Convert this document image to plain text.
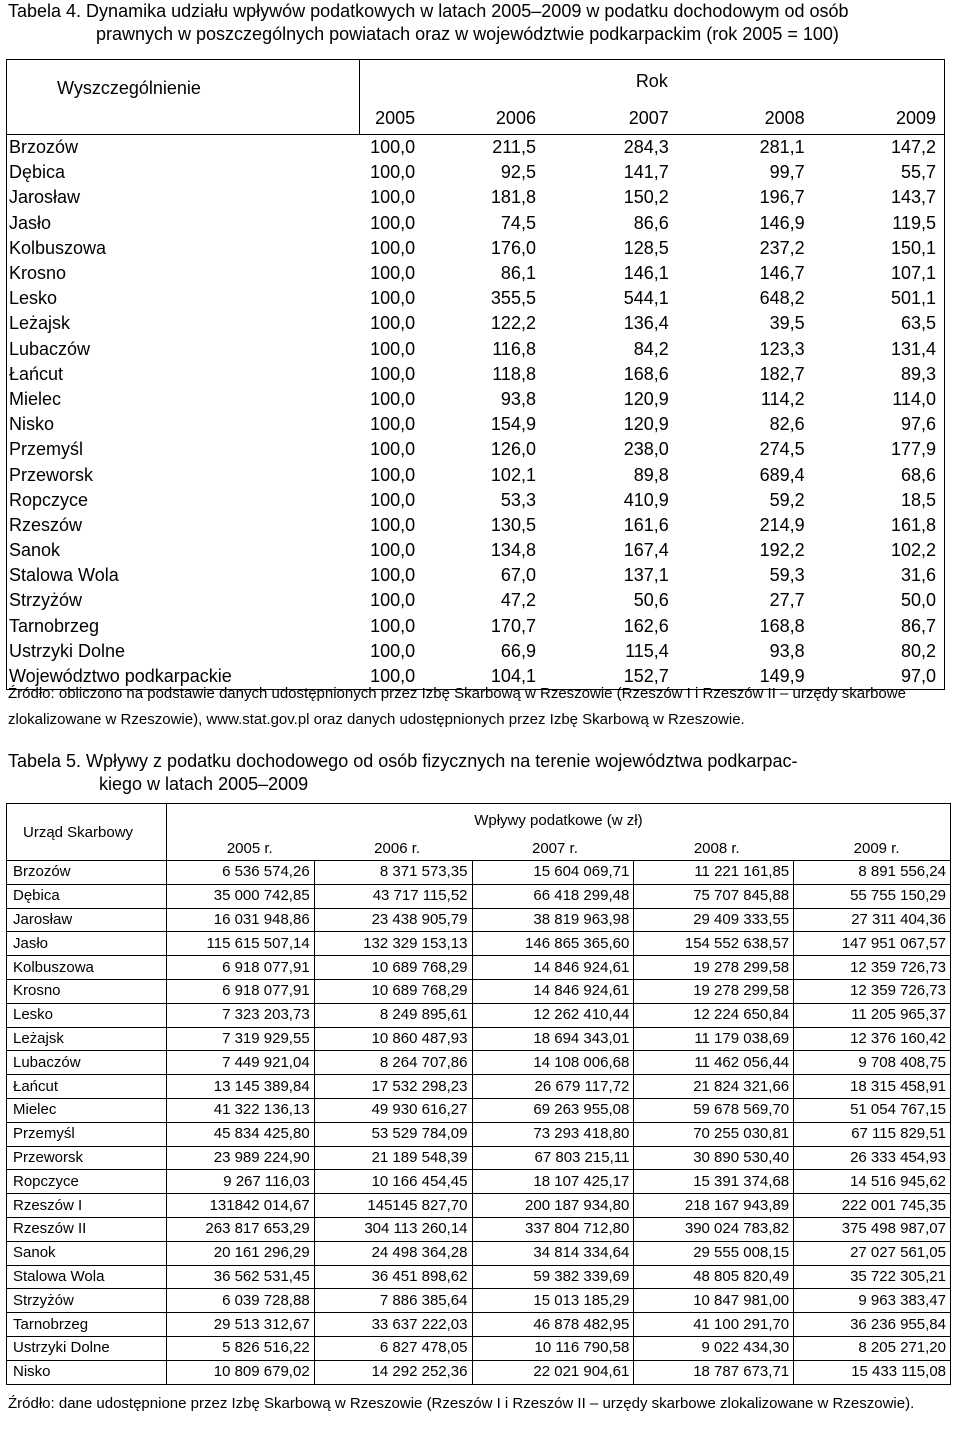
Tabela 4. Dynamika udziału wpływów podatkowych w latach 2005–2009 w podatku dochodowym od osób
prawnych w poszczególnych powiatach oraz w województwie podkarpackim (rok 2005 = 100)
Wyszczególnienie	Rok				
	2005	2006	2007	2008	2009
Brzozów	100,0	211,5	284,3	281,1	147,2
Dębica	100,0	92,5	141,7	99,7	55,7
Jarosław	100,0	181,8	150,2	196,7	143,7
Jasło	100,0	74,5	86,6	146,9	119,5
Kolbuszowa	100,0	176,0	128,5	237,2	150,1
Krosno	100,0	86,1	146,1	146,7	107,1
Lesko	100,0	355,5	544,1	648,2	501,1
Leżajsk	100,0	122,2	136,4	39,5	63,5
Lubaczów	100,0	116,8	84,2	123,3	131,4
Łańcut	100,0	118,8	168,6	182,7	89,3
Mielec	100,0	93,8	120,9	114,2	114,0
Nisko	100,0	154,9	120,9	82,6	97,6
Przemyśl	100,0	126,0	238,0	274,5	177,9
Przeworsk	100,0	102,1	89,8	689,4	68,6
Ropczyce	100,0	53,3	410,9	59,2	18,5
Rzeszów	100,0	130,5	161,6	214,9	161,8
Sanok	100,0	134,8	167,4	192,2	102,2
Stalowa Wola	100,0	67,0	137,1	59,3	31,6
Strzyżów	100,0	47,2	50,6	27,7	50,0
Tarnobrzeg	100,0	170,7	162,6	168,8	86,7
Ustrzyki Dolne	100,0	66,9	115,4	93,8	80,2
Województwo podkarpackie	100,0	104,1	152,7	149,9	97,0
Źródło: obliczono na podstawie danych udostępnionych przez Izbę Skarbową w Rzeszowie (Rzeszów I i Rzeszów II – urzędy skarbowe zlokalizowane w Rzeszowie), www.stat.gov.pl oraz danych udostępnionych przez Izbę Skarbową w Rzeszowie.
Tabela 5. Wpływy z podatku dochodowego od osób fizycznych na terenie województwa podkarpac-
kiego w latach 2005–2009
Urząd Skarbowy	Wpływy podatkowe (w zł)				
	2005 r.	2006 r.	2007 r.	2008 r.	2009 r.
Brzozów	6 536 574,26	8 371 573,35	15 604 069,71	11 221 161,85	8 891 556,24
Dębica	35 000 742,85	43 717 115,52	66 418 299,48	75 707 845,88	55 755 150,29
Jarosław	16 031 948,86	23 438 905,79	38 819 963,98	29 409 333,55	27 311 404,36
Jasło	115 615 507,14	132 329 153,13	146 865 365,60	154 552 638,57	147 951 067,57
Kolbuszowa	6 918 077,91	10 689 768,29	14 846 924,61	19 278 299,58	12 359 726,73
Krosno	6 918 077,91	10 689 768,29	14 846 924,61	19 278 299,58	12 359 726,73
Lesko	7 323 203,73	8 249 895,61	12 262 410,44	12 224 650,84	11 205 965,37
Leżajsk	7 319 929,55	10 860 487,93	18 694 343,01	11 179 038,69	12 376 160,42
Lubaczów	7 449 921,04	8 264 707,86	14 108 006,68	11 462 056,44	9 708 408,75
Łańcut	13 145 389,84	17 532 298,23	26 679 117,72	21 824 321,66	18 315 458,91
Mielec	41 322 136,13	49 930 616,27	69 263 955,08	59 678 569,70	51 054 767,15
Przemyśl	45 834 425,80	53 529 784,09	73 293 418,80	70 255 030,81	67 115 829,51
Przeworsk	23 989 224,90	21 189 548,39	67 803 215,11	30 890 530,40	26 333 454,93
Ropczyce	9 267 116,03	10 166 454,45	18 107 425,17	15 391 374,68	14 516 945,62
Rzeszów I	131842 014,67	145145 827,70	200 187 934,80	218 167 943,89	222 001 745,35
Rzeszów II	263 817 653,29	304 113 260,14	337 804 712,80	390 024 783,82	375 498 987,07
Sanok	20 161 296,29	24 498 364,28	34 814 334,64	29 555 008,15	27 027 561,05
Stalowa Wola	36 562 531,45	36 451 898,62	59 382 339,69	48 805 820,49	35 722 305,21
Strzyżów	6 039 728,88	7 886 385,64	15 013 185,29	10 847 981,00	9 963 383,47
Tarnobrzeg	29 513 312,67	33 637 222,03	46 878 482,95	41 100 291,70	36 236 955,84
Ustrzyki Dolne	5 826 516,22	6 827 478,05	10 116 790,58	9 022 434,30	8 205 271,20
Nisko	10 809 679,02	14 292 252,36	22 021 904,61	18 787 673,71	15 433 115,08
Źródło: dane udostępnione przez Izbę Skarbową w Rzeszowie (Rzeszów I i Rzeszów II – urzędy skarbowe zlokalizowane w Rzeszowie).
